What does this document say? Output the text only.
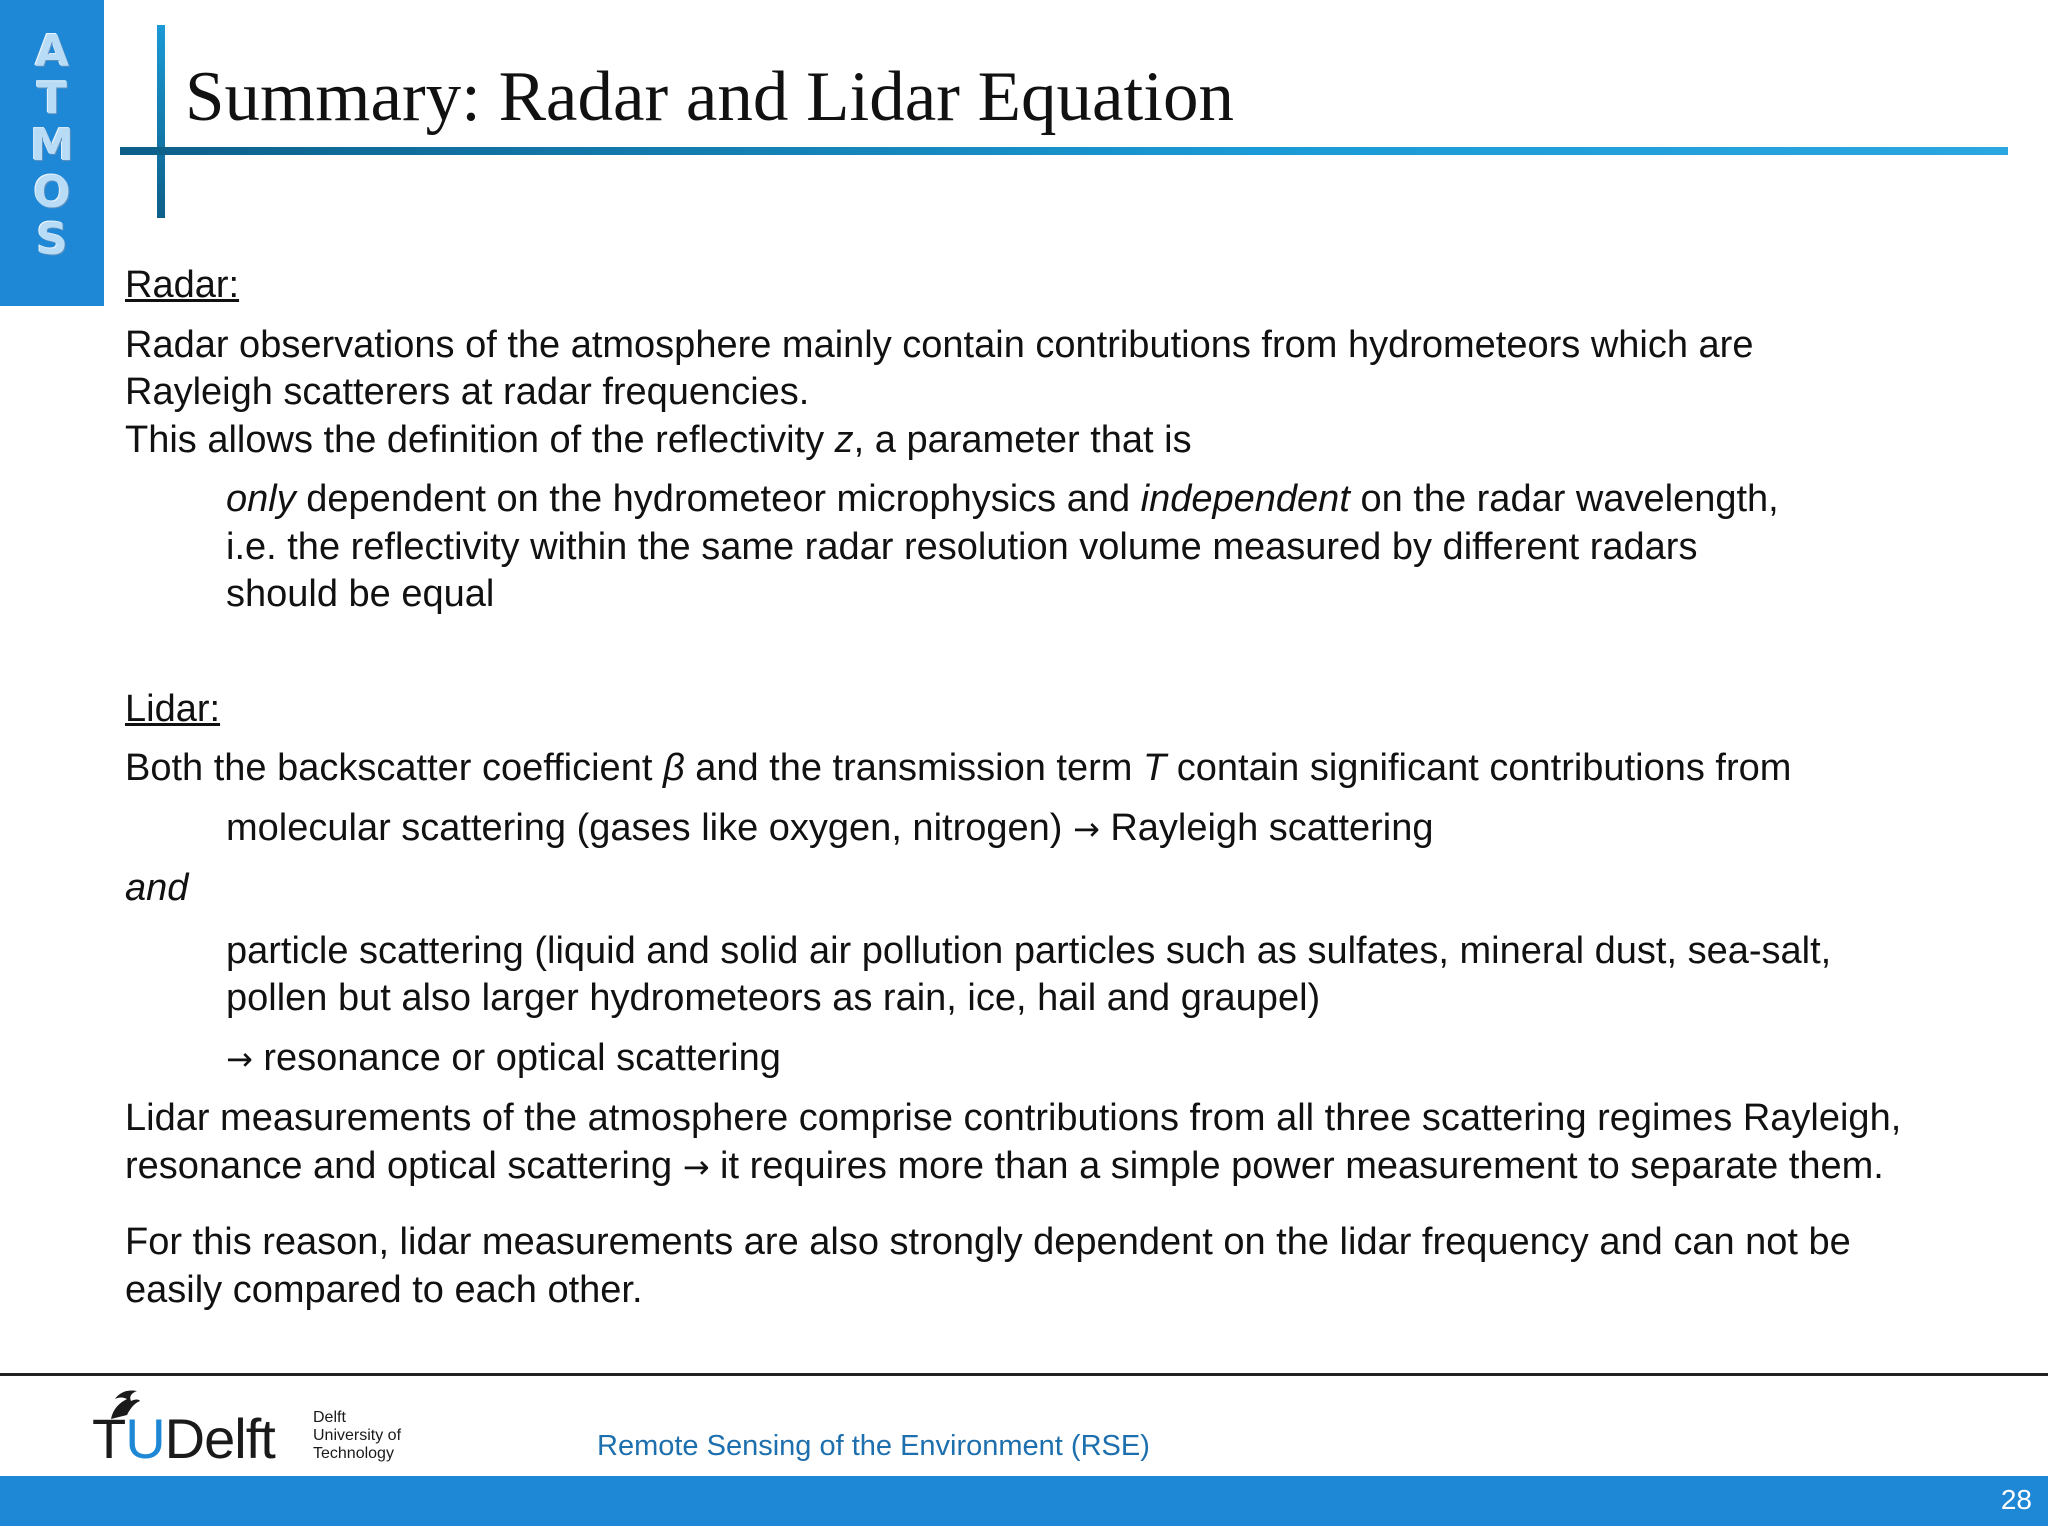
A
T
M
O
S
Summary: Radar and Lidar Equation

Radar:

Radar observations of the atmosphere mainly contain contributions from hydrometeors which are

Rayleigh scatterers at radar frequencies.

This allows the definition of the reflectivity z, a parameter that is

only dependent on the hydrometeor microphysics and independent on the radar wavelength,

i.e. the reflectivity within the same radar resolution volume measured by different radars

should be equal

Lidar:

Both the backscatter coefficient β and the transmission term T contain significant contributions from

molecular scattering (gases like oxygen, nitrogen) → Rayleigh scattering

and

particle scattering (liquid and solid air pollution particles such as sulfates, mineral dust, sea-salt,

pollen but also larger hydrometeors as rain, ice, hail and graupel)

→ resonance or optical scattering

Lidar measurements of the atmosphere comprise contributions from all three scattering regimes Rayleigh,

resonance and optical scattering → it requires more than a simple power measurement to separate them.

For this reason, lidar measurements are also strongly dependent on the lidar frequency and can not be

easily compared to each other.

TUDelft Delft
University of
Technology	Remote Sensing of the Environment (RSE)
28
